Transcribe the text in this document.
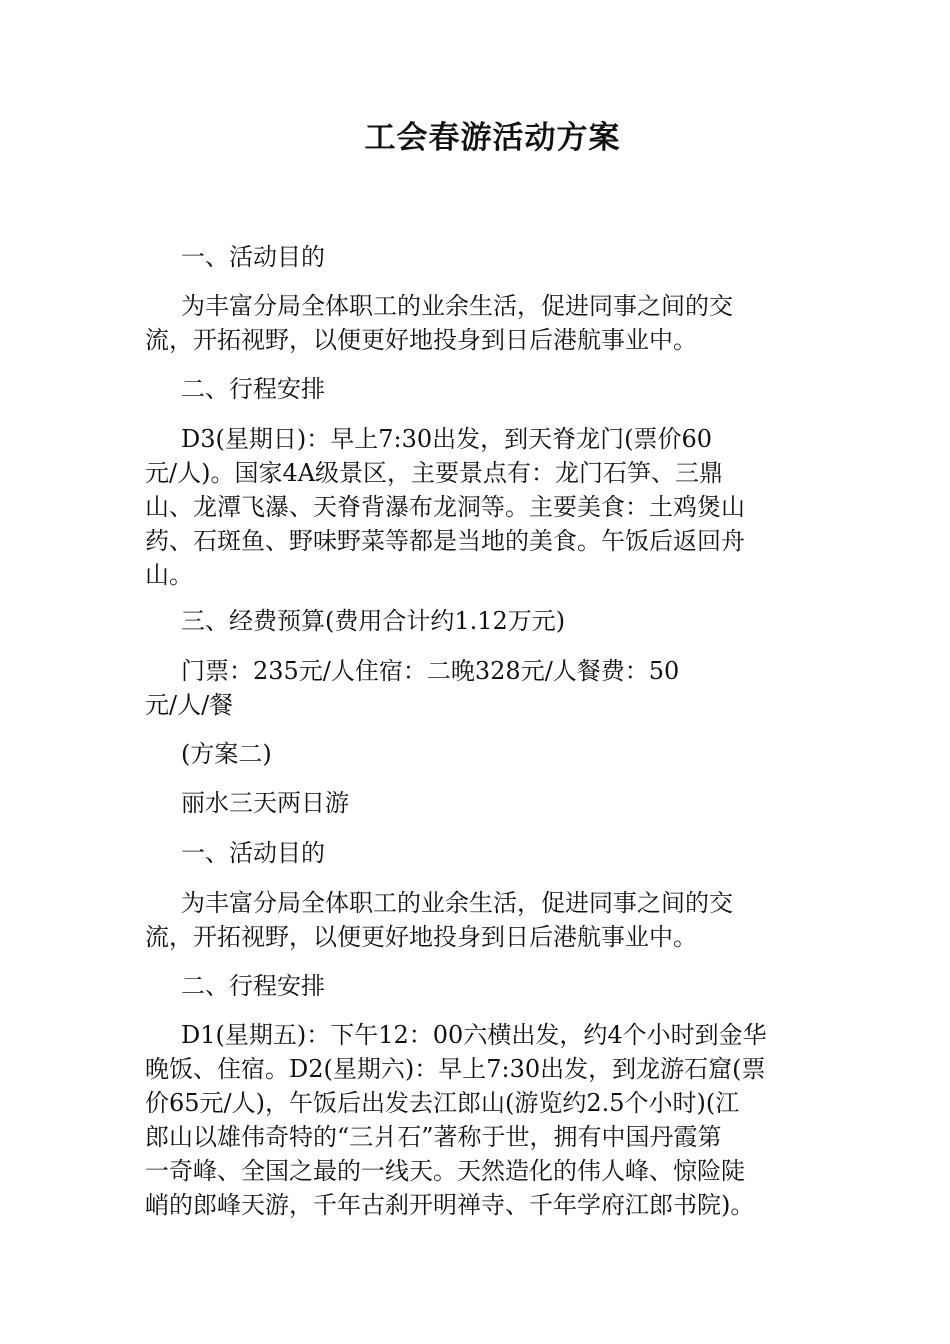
工会春游活动方案
一、活动目的
为丰富分局全体职工的业余生活，促进同事之间的交
流，开拓视野，以便更好地投身到日后港航事业中。
二、行程安排
D3(星期日)：早上7:30出发，到天脊龙门(票价60
元/人)。国家4A级景区，主要景点有：龙门石笋、三鼎
山、龙潭飞瀑、天脊背瀑布龙洞等。主要美食：土鸡煲山
药、石斑鱼、野味野菜等都是当地的美食。午饭后返回舟
山。
三、经费预算(费用合计约1.12万元)
门票：235元/人住宿：二晚328元/人餐费：50
元/人/餐
(方案二)
丽水三天两日游
一、活动目的
为丰富分局全体职工的业余生活，促进同事之间的交
流，开拓视野，以便更好地投身到日后港航事业中。
二、行程安排
D1(星期五)：下午12：00六横出发，约4个小时到金华
晚饭、住宿。D2(星期六)：早上7:30出发，到龙游石窟(票
价65元/人)，午饭后出发去江郎山(游览约2.5个小时)(江
郎山以雄伟奇特的“三爿石”著称于世，拥有中国丹霞第
一奇峰、全国之最的一线天。天然造化的伟人峰、惊险陡
峭的郎峰天游，千年古刹开明禅寺、千年学府江郎书院)。
